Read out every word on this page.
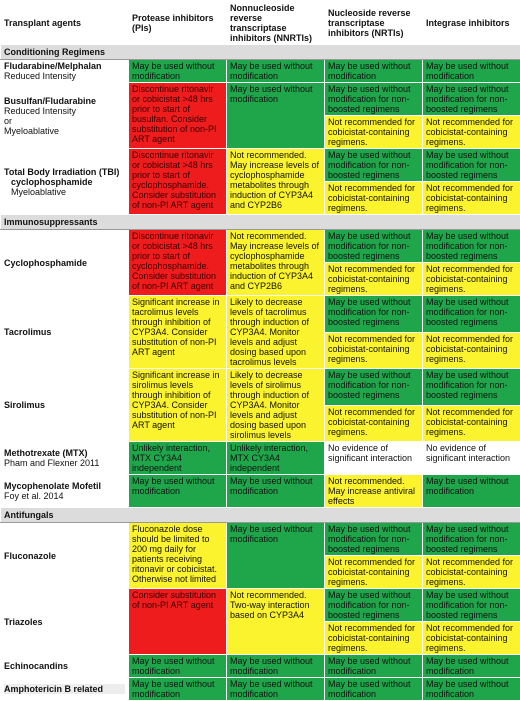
Transplant agents	Protease inhibitors (PIs)	Nonnucleoside reverse transcriptase inhibitors (NNRTIs)	Nucleoside reverse transcriptase inhibitors (NRTIs)	Integrase inhibitors
Conditioning Regimens				

Fludarabine/Melphalan
Reduced Intensity	May be used without modification	May be used without modification	May be used without modification	May be used without modification

Busulfan/Fludarabine
Reduced Intensity
or
Myeloablative	Discontinue ritonavir or cobicistat >48 hrs prior to start of busulfan. Consider substitution of non-PI ART agent	May be used without modification	May be used without modification for non-boosted regimens	May be used without modification for non-boosted regimens
			Not recommended for cobicistat-containing regimens.	Not recommended for cobicistat-containing regimens.

Total Body Irradiation (TBI)
cyclophosphamide
Myeloablative	Discontinue ritonavir or cobicistat >48 hrs prior to start of cyclophosphamide. Consider substitution of non-PI ART agent	Not recommended. May increase levels of cyclophosphamide metabolites through induction of CYP3A4 and CYP2B6	May be used without modification for non-boosted regimens	May be used without modification for non-boosted regimens
			Not recommended for cobicistat-containing regimens.	Not recommended for cobicistat-containing regimens.
Immunosuppressants				

Cyclophosphamide	Discontinue ritonavir or cobicistat >48 hrs prior to start of cyclophosphamide. Consider substitution of non-PI ART agent	Not recommended. May increase levels of cyclophosphamide metabolites through induction of CYP3A4 and CYP2B6	May be used without modification for non-boosted regimens	May be used without modification for non-boosted regimens
			Not recommended for cobicistat-containing regimens.	Not recommended for cobicistat-containing regimens.

Tacrolimus	Significant increase in tacrolimus levels through inhibition of CYP3A4. Consider substitution of non-PI ART agent	Likely to decrease levels of tacrolimus through induction of CYP3A4. Monitor levels and adjust dosing based upon tacrolimus levels	May be used without modification for non-boosted regimens	May be used without modification for non-boosted regimens
			Not recommended for cobicistat-containing regimens.	Not recommended for cobicistat-containing regimens.

Sirolimus	Significant increase in sirolimus levels through inhibition of CYP3A4. Consider substitution of non-PI ART agent	Likely to decrease levels of sirolimus through induction of CYP3A4. Monitor levels and adjust dosing based upon sirolimus levels	May be used without modification for non-boosted regimens	May be used without modification for non-boosted regimens
			Not recommended for cobicistat-containing regimens.	Not recommended for cobicistat-containing regimens.

Methotrexate (MTX)
Pham and Flexner 2011	Unlikely interaction, MTX CY3A4 independent	Unlikely interaction, MTX CY3A4 independent	No evidence of significant interaction	No evidence of significant interaction

Mycophenolate Mofetil
Foy et al. 2014	May be used without modification	May be used without modification	Not recommended. May increase antiviral effects	May be used without modification
Antifungals				

Fluconazole	Fluconazole dose should be limited to 200 mg daily for patients receiving ritonavir or cobicistat. Otherwise not limited	May be used without modification	May be used without modification for non-boosted regimens	May be used without modification for non-boosted regimens
			Not recommended for cobicistat-containing regimens.	Not recommended for cobicistat-containing regimens.

Triazoles	Consider substitution of non-PI ART agent	Not recommended. Two-way interaction based on CYP3A4	May be used without modification for non-boosted regimens	May be used without modification for non-boosted regimens
			Not recommended for cobicistat-containing regimens.	Not recommended for cobicistat-containing regimens.

Echinocandins	May be used without modification	May be used without modification	May be used without modification	May be used without modification

Amphotericin B related	May be used without modification	May be used without modification	May be used without modification	May be used without modification
